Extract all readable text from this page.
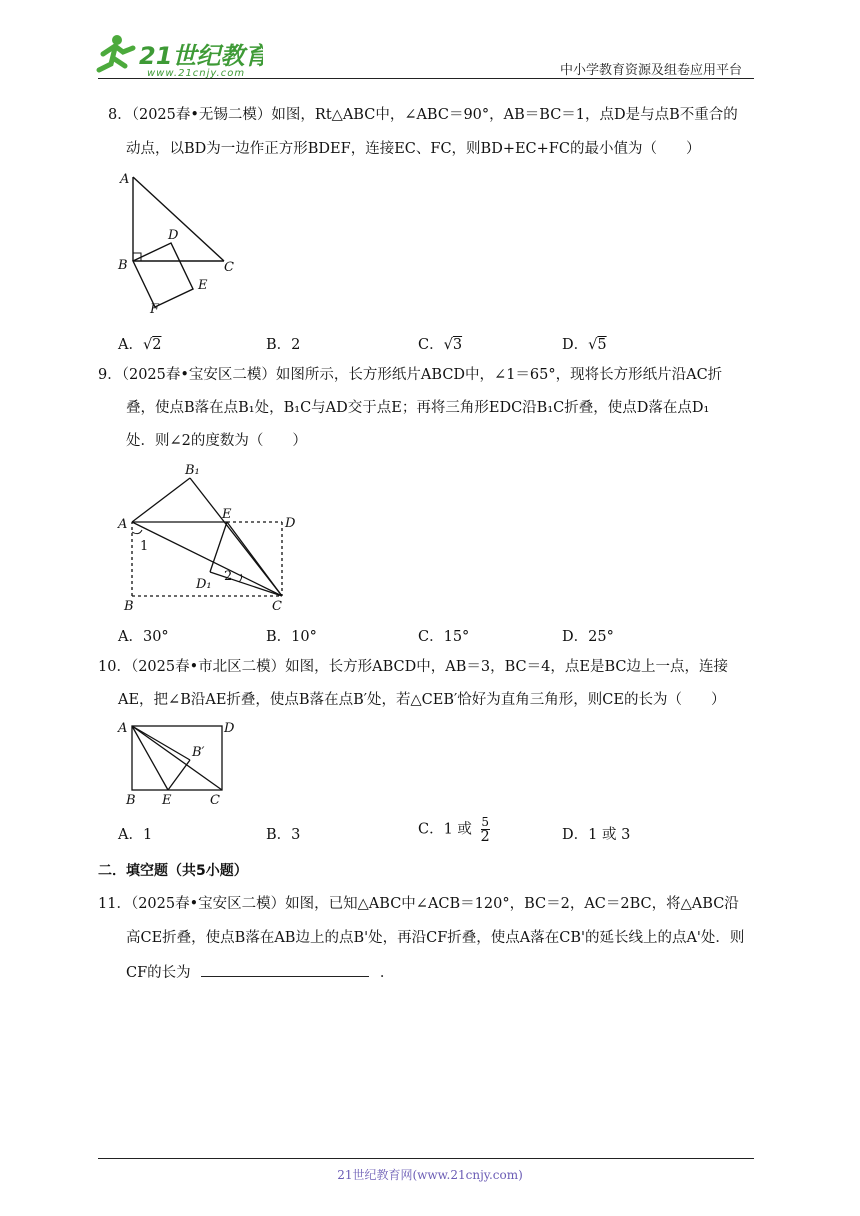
21世纪教育
www.21cnjy.com	中小学教育资源及组卷应用平台
8．（2025春•无锡二模）如图，Rt△ABC中，∠ABC＝90°，AB＝BC＝1，点D是与点B不重合的
动点，以BD为一边作正方形BDEF，连接EC、FC，则BD+EC+FC的最小值为（　　）
A
B	C
D
E
F
A．√2	B．2	C．√3	D．√5
9．（2025春•宝安区二模）如图所示，长方形纸片ABCD中，∠1＝65°，现将长方形纸片沿AC折
叠，使点B落在点B₁处，B₁C与AD交于点E；再将三角形EDC沿B₁C折叠，使点D落在点D₁
处．则∠2的度数为（　　）
A
B₁
E
D
1
2
D₁
B	C
A．30°	B．10°	C．15°	D．25°
10．（2025春•市北区二模）如图，长方形ABCD中，AB＝3，BC＝4，点E是BC边上一点，连接
AE，把∠B沿AE折叠，使点B落在点B′处，若△CEB′恰好为直角三角形，则CE的长为（　　）
A	D
B′
B E	C
A．1	B．3	C．1 或 5

2	D．1 或 3
二．填空题（共5小题）
11．（2025春•宝安区二模）如图，已知△ABC中∠ACB＝120°，BC＝2，AC＝2BC，将△ABC沿
高CE折叠，使点B落在AB边上的点B'处，再沿CF折叠，使点A落在CB'的延长线上的点A'处．则
CF的长为	．
21世纪教育网(www.21cnjy.com)
